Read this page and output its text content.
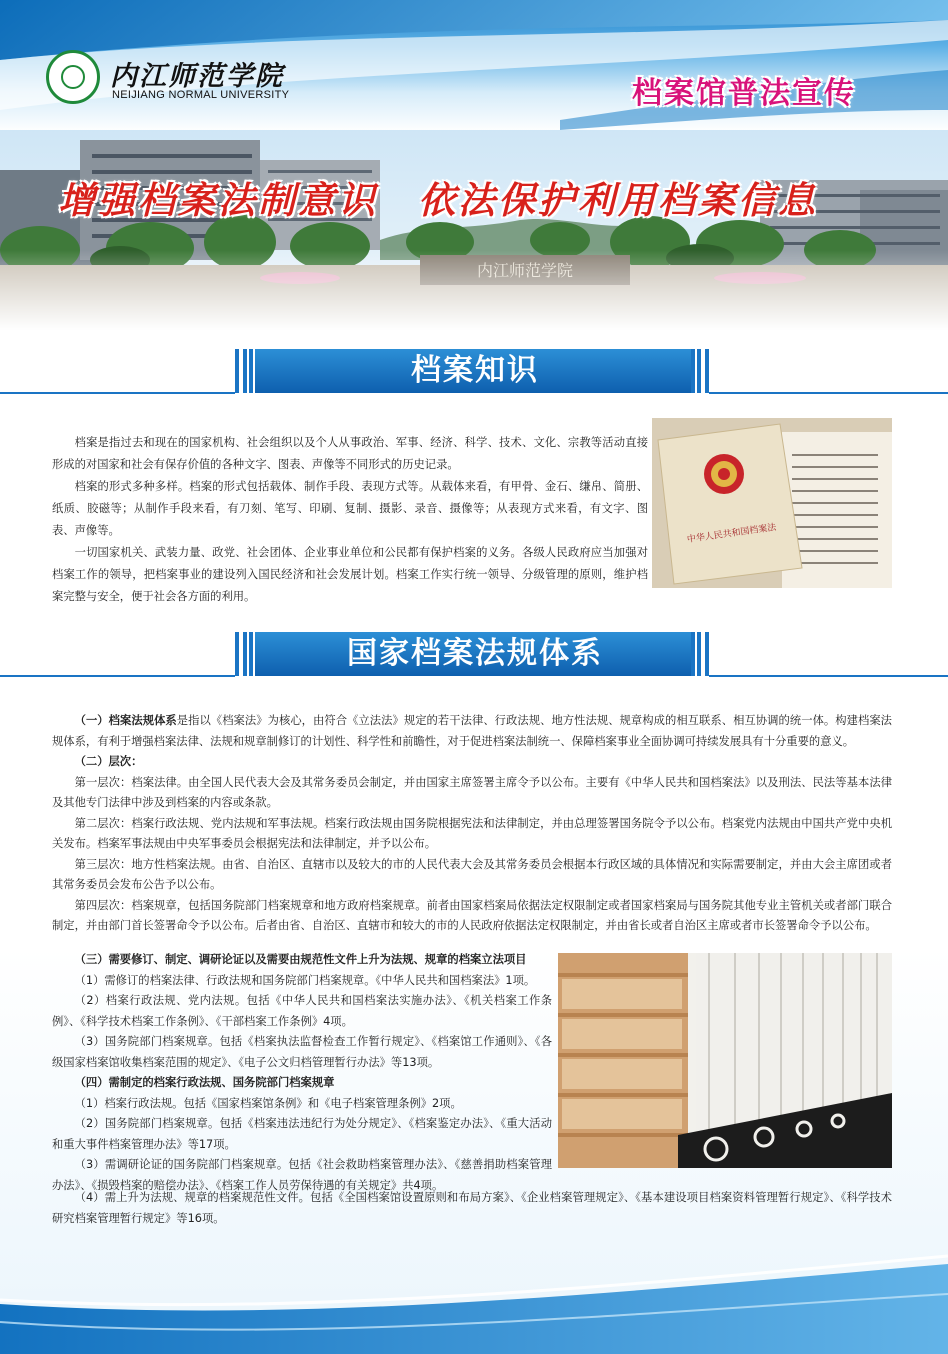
内江师范学院
NEIJIANG NORMAL UNIVERSITY	档案馆普法宣传
增强档案法制意识　依法保护利用档案信息
档案知识

档案是指过去和现在的国家机构、社会组织以及个人从事政治、军事、经济、科学、技术、文化、宗教等活动直接形成的对国家和社会有保存价值的各种文字、图表、声像等不同形式的历史记录。

档案的形式多种多样。档案的形式包括载体、制作手段、表现方式等。从载体来看，有甲骨、金石、缣帛、简册、纸质、胶磁等；从制作手段来看，有刀刻、笔写、印刷、复制、摄影、录音、摄像等；从表现方式来看，有文字、图表、声像等。

一切国家机关、武装力量、政党、社会团体、企业事业单位和公民都有保护档案的义务。各级人民政府应当加强对档案工作的领导，把档案事业的建设列入国民经济和社会发展计划。档案工作实行统一领导、分级管理的原则，维护档案完整与安全，便于社会各方面的利用。

中华人民共和国档案法
国家档案法规体系

（一）档案法规体系是指以《档案法》为核心，由符合《立法法》规定的若干法律、行政法规、地方性法规、规章构成的相互联系、相互协调的统一体。构建档案法规体系，有利于增强档案法律、法规和规章制修订的计划性、科学性和前瞻性，对于促进档案法制统一、保障档案事业全面协调可持续发展具有十分重要的意义。

（二）层次：

第一层次：档案法律。由全国人民代表大会及其常务委员会制定，并由国家主席签署主席令予以公布。主要有《中华人民共和国档案法》以及刑法、民法等基本法律及其他专门法律中涉及到档案的内容或条款。

第二层次：档案行政法规、党内法规和军事法规。档案行政法规由国务院根据宪法和法律制定，并由总理签署国务院令予以公布。档案党内法规由中国共产党中央机关发布。档案军事法规由中央军事委员会根据宪法和法律制定，并予以公布。

第三层次：地方性档案法规。由省、自治区、直辖市以及较大的市的人民代表大会及其常务委员会根据本行政区域的具体情况和实际需要制定，并由大会主席团或者其常务委员会发布公告予以公布。

第四层次：档案规章，包括国务院部门档案规章和地方政府档案规章。前者由国家档案局依据法定权限制定或者国家档案局与国务院其他专业主管机关或者部门联合制定，并由部门首长签署命令予以公布。后者由省、自治区、直辖市和较大的市的人民政府依据法定权限制定，并由省长或者自治区主席或者市长签署命令予以公布。

（三）需要修订、制定、调研论证以及需要由规范性文件上升为法规、规章的档案立法项目

（1）需修订的档案法律、行政法规和国务院部门档案规章。《中华人民共和国档案法》1项。

（2）档案行政法规、党内法规。包括《中华人民共和国档案法实施办法》、《机关档案工作条例》、《科学技术档案工作条例》、《干部档案工作条例》4项。

（3）国务院部门档案规章。包括《档案执法监督检查工作暂行规定》、《档案馆工作通则》、《各级国家档案馆收集档案范围的规定》、《电子公文归档管理暂行办法》等13项。

（四）需制定的档案行政法规、国务院部门档案规章

（1）档案行政法规。包括《国家档案馆条例》和《电子档案管理条例》2项。

（2）国务院部门档案规章。包括《档案违法违纪行为处分规定》、《档案鉴定办法》、《重大活动和重大事件档案管理办法》等17项。

（3）需调研论证的国务院部门档案规章。包括《社会救助档案管理办法》、《慈善捐助档案管理办法》、《损毁档案的赔偿办法》、《档案工作人员劳保待遇的有关规定》共4项。

（4）需上升为法规、规章的档案规范性文件。包括《全国档案馆设置原则和布局方案》、《企业档案管理规定》、《基本建设项目档案资料管理暂行规定》、《科学技术研究档案管理暂行规定》等16项。
